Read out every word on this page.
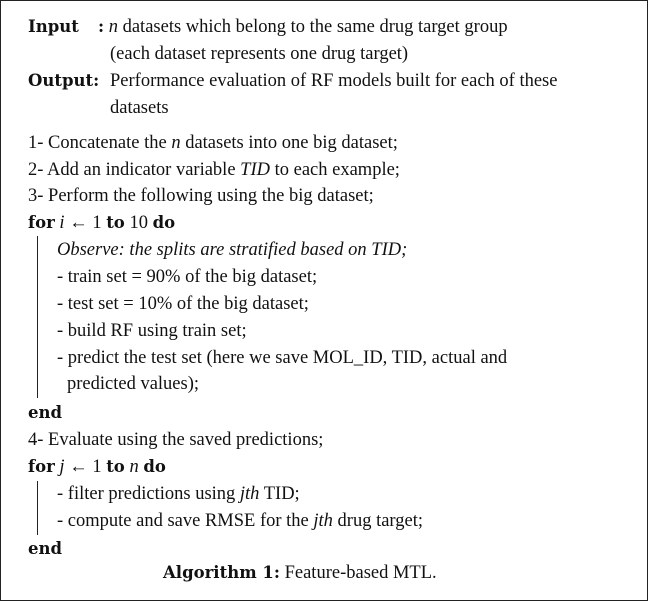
Input : n datasets which belong to the same drug target group
(each dataset represents one drug target)
Output: Performance evaluation of RF models built for each of these
datasets
1- Concatenate the n datasets into one big dataset;
2- Add an indicator variable TID to each example;
3- Perform the following using the big dataset;
for i ← 1 to 10 do
Observe: the splits are stratified based on TID;
- train set = 90% of the big dataset;
- test set = 10% of the big dataset;
- build RF using train set;
- predict the test set (here we save MOL_ID, TID, actual and
predicted values);
end
4- Evaluate using the saved predictions;
for j ← 1 to n do
- filter predictions using jth TID;
- compute and save RMSE for the jth drug target;
end
Algorithm 1: Feature-based MTL.
